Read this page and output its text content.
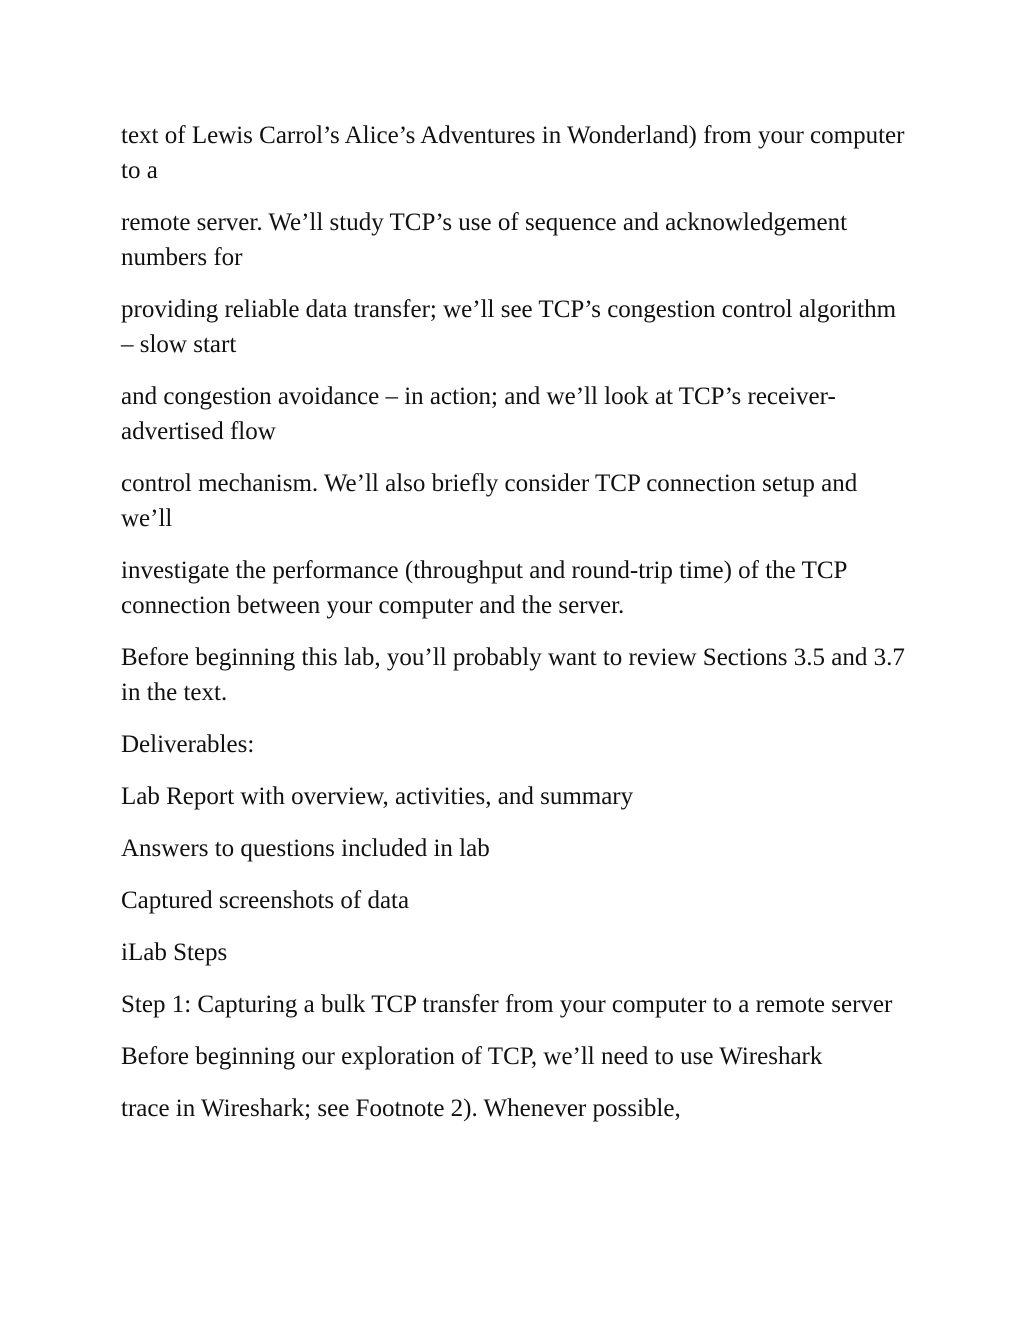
text of Lewis Carrol’s Alice’s Adventures in Wonderland) from your computer to a

remote server. We’ll study TCP’s use of sequence and acknowledgement numbers for

providing reliable data transfer; we’ll see TCP’s congestion control algorithm – slow start

and congestion avoidance – in action; and we’ll look at TCP’s receiver-advertised flow

control mechanism. We’ll also briefly consider TCP connection setup and we’ll

investigate the performance (throughput and round-trip time) of the TCP connection between your computer and the server.

Before beginning this lab, you’ll probably want to review Sections 3.5 and 3.7 in the text.

Deliverables:

Lab Report with overview, activities, and summary

Answers to questions included in lab

Captured screenshots of data

iLab Steps

Step 1: Capturing a bulk TCP transfer from your computer to a remote server

Before beginning our exploration of TCP, we’ll need to use Wireshark

trace in Wireshark; see Footnote 2). Whenever possible,
